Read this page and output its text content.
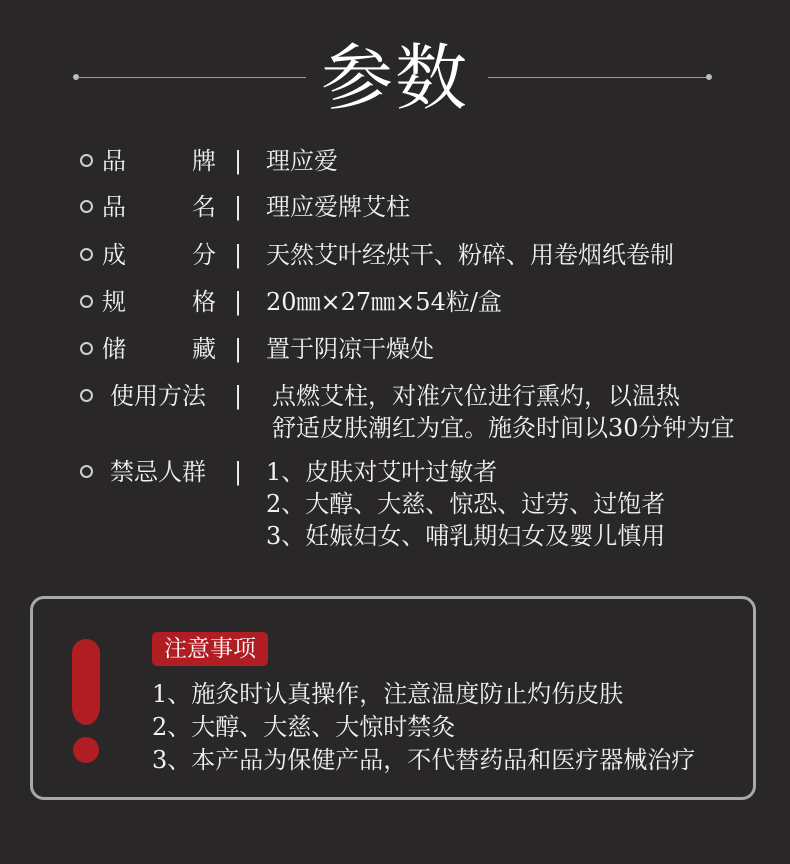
参数
品	牌 | 理应爱
品	名 | 理应爱牌艾柱
成	分 | 天然艾叶经烘干、粉碎、用卷烟纸卷制
规	格 | 20㎜×27㎜×54粒/盒
储	藏 | 置于阴凉干燥处
使用方法	| 点燃艾柱，对准穴位进行熏灼，以温热
舒适皮肤潮红为宜。施灸时间以30分钟为宜
禁忌人群	| 1、皮肤对艾叶过敏者
2、大醇、大慈、惊恐、过劳、过饱者
3、妊娠妇女、哺乳期妇女及婴儿慎用
注意事项
1、施灸时认真操作，注意温度防止灼伤皮肤
2、大醇、大慈、大惊时禁灸
3、本产品为保健产品，不代替药品和医疗器械治疗
